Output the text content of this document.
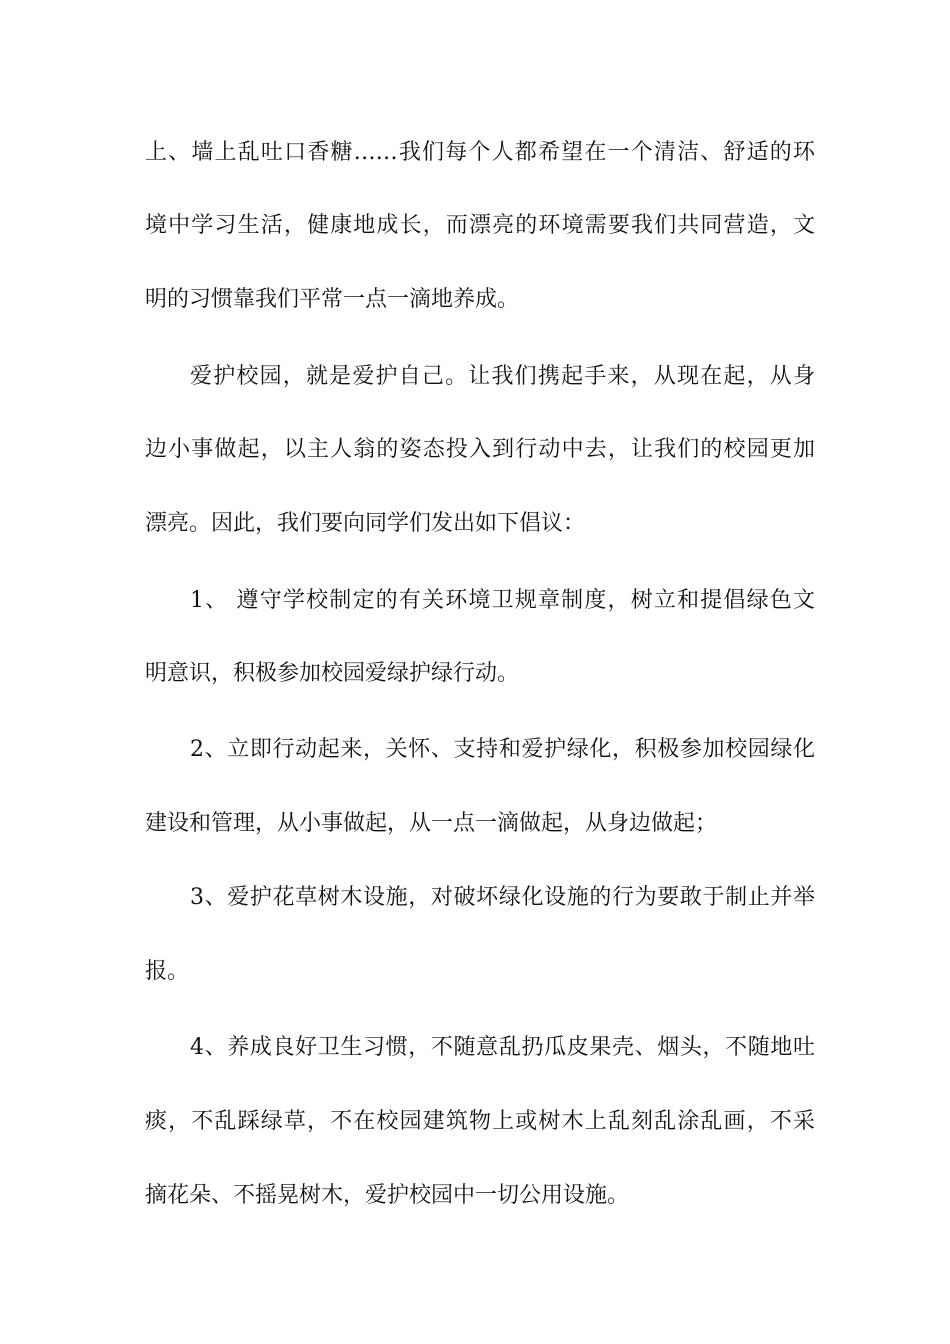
上、墙上乱吐口香糖……我们每个人都希望在一个清洁、舒适的环
境中学习生活，健康地成长，而漂亮的环境需要我们共同营造，文
明的习惯靠我们平常一点一滴地养成。
爱护校园，就是爱护自己。让我们携起手来，从现在起，从身
边小事做起，以主人翁的姿态投入到行动中去，让我们的校园更加
漂亮。因此，我们要向同学们发出如下倡议：
1、 遵守学校制定的有关环境卫规章制度，树立和提倡绿色文
明意识，积极参加校园爱绿护绿行动。
2、立即行动起来，关怀、支持和爱护绿化，积极参加校园绿化
建设和管理，从小事做起，从一点一滴做起，从身边做起；
3、爱护花草树木设施，对破坏绿化设施的行为要敢于制止并举
报。
4、养成良好卫生习惯，不随意乱扔瓜皮果壳、烟头，不随地吐
痰，不乱踩绿草，不在校园建筑物上或树木上乱刻乱涂乱画，不采
摘花朵、不摇晃树木，爱护校园中一切公用设施。
